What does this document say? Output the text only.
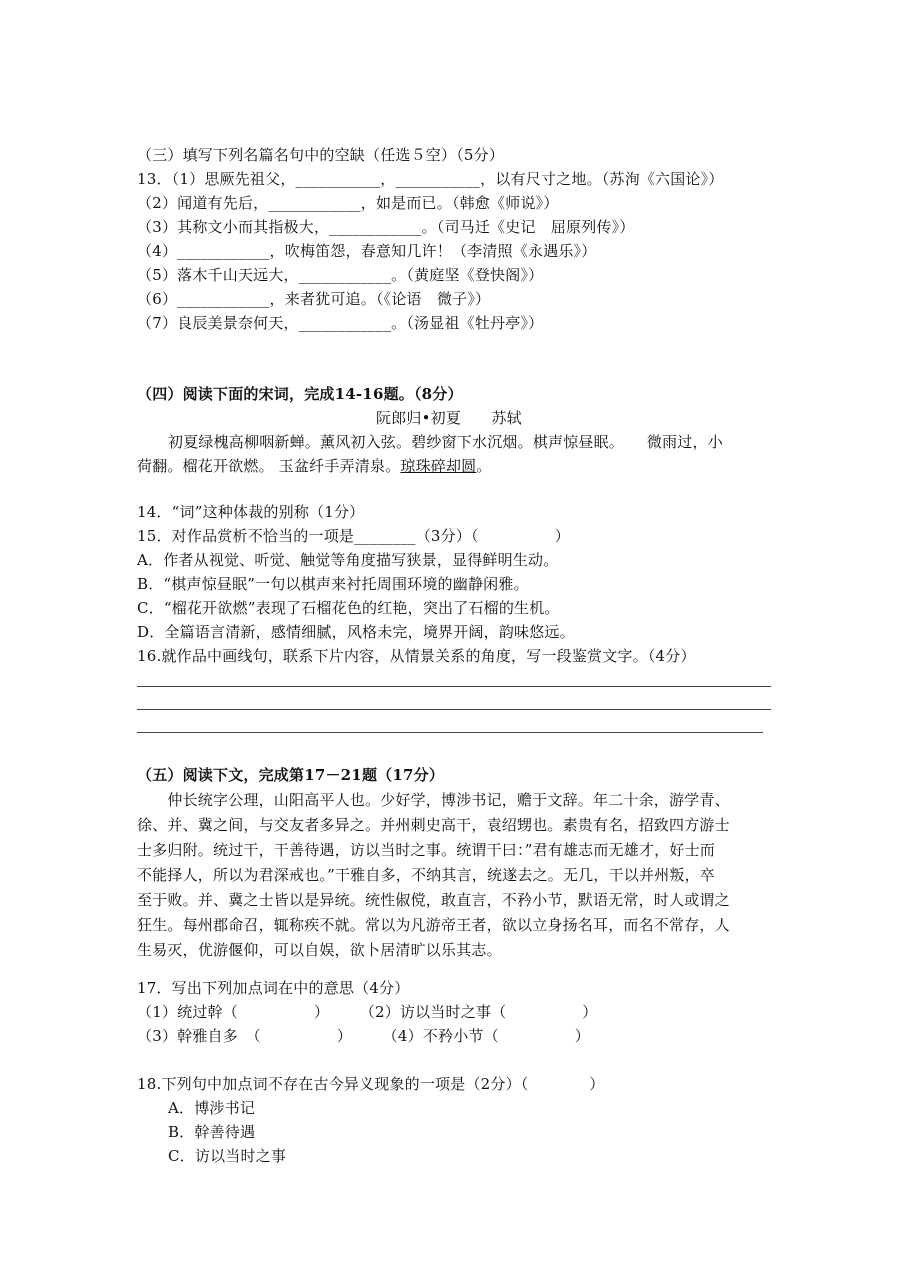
（三）填写下列名篇名句中的空缺（任选５空）（5分）
13．（1）思厥先祖父，___________，___________，以有尺寸之地。（苏洵《六国论》）
（2）闻道有先后，____________，如是而已。（韩愈《师说》）
（3）其称文小而其指极大，____________。（司马迁《史记　屈原列传》）
（4）____________，吹梅笛怨，春意知几许！（李清照《永遇乐》）
（5）落木千山天远大，____________。（黄庭坚《登快阁》）
（6）____________，来者犹可追。（《论语　微子》）
（7）良辰美景奈何天，____________。（汤显祖《牡丹亭》）
（四）阅读下面的宋词，完成14-16题。（8分）
阮郎归•初夏　　苏轼
初夏绿槐高柳咽新蝉。薰风初入弦。碧纱窗下水沉烟。棋声惊昼眠。　　微雨过，小
荷翻。榴花开欲燃。 玉盆纤手弄清泉。琼珠碎却圆。
14．“词”这种体裁的别称（1分）
15．对作品赏析不恰当的一项是________（3分）（　　　　　）
A．作者从视觉、听觉、触觉等角度描写狭景，显得鲜明生动。
B．“棋声惊昼眠”一句以棋声来衬托周围环境的幽静闲雅。
C．“榴花开欲燃”表现了石榴花色的红艳，突出了石榴的生机。
D．全篇语言清新，感情细腻，风格未完，境界开阔，韵味悠远。
16.就作品中画线句，联系下片内容，从情景关系的角度，写一段鉴赏文字。（4分）
（五）阅读下文，完成第17－21题（17分）
　　仲长统字公理，山阳高平人也。少好学，博涉书记，赡于文辞。年二十余，游学青、
徐、并、冀之间，与交友者多异之。并州刺史高干，袁绍甥也。素贵有名，招致四方游士
士多归附。统过干，干善待遇，访以当时之事。统谓干曰：”君有雄志而无雄才，好士而
不能择人，所以为君深戒也。”干雅自多，不纳其言，统遂去之。无几，干以并州叛，卒
至于败。并、冀之士皆以是异统。统性俶傥，敢直言，不矜小节，默语无常，时人或谓之
狂生。每州郡命召，辄称疾不就。常以为凡游帝王者，欲以立身扬名耳，而名不常存，人
生易灭，优游偃仰，可以自娱，欲卜居清旷以乐其志。
17．写出下列加点词在中的意思（4分）
（1）统过幹（　　　　　）　　　（2）访以当时之事（　　　　　）
（3）幹雅自多　（　　　　　）　　　（4）不矜小节（　　　　　）
18.下列句中加点词不存在古今异义现象的一项是（2分）（　　　　）
A．博涉书记
B．幹善待遇
C．访以当时之事
